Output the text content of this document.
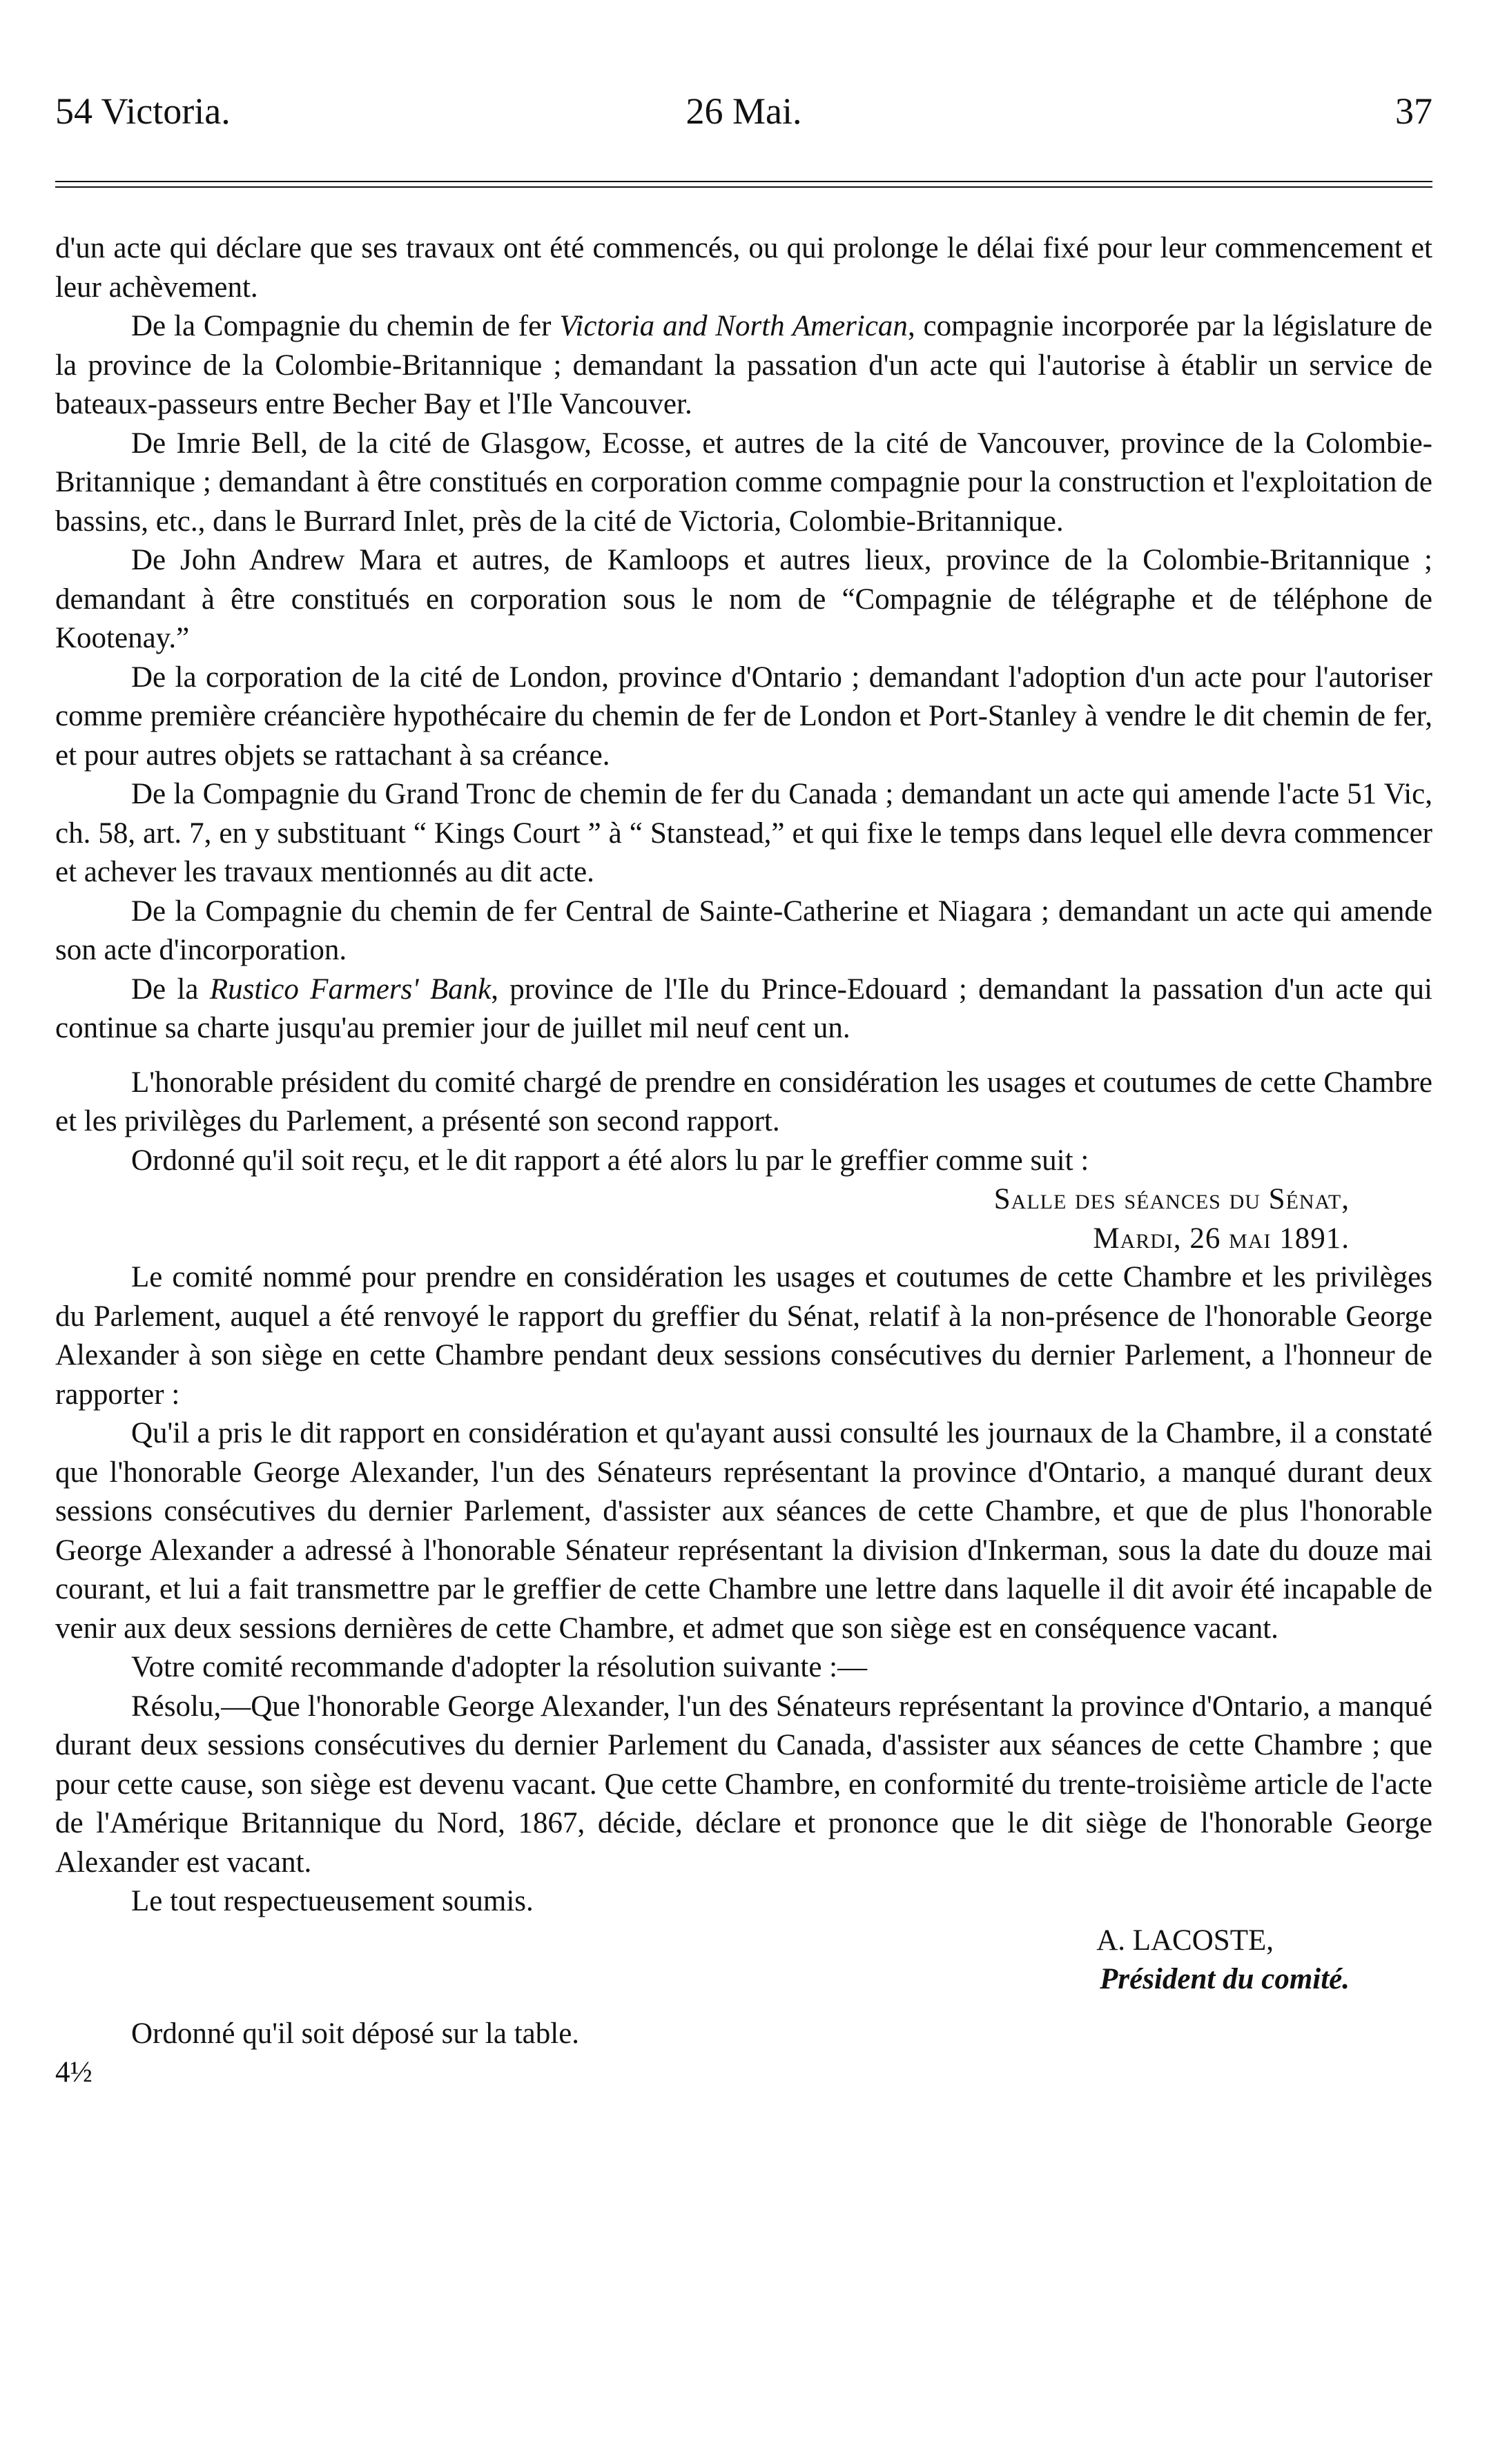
54 Victoria.	26 Mai.	37

d'un acte qui déclare que ses travaux ont été commencés, ou qui prolonge le délai fixé pour leur commencement et leur achèvement.

De la Compagnie du chemin de fer Victoria and North American, compagnie incorporée par la législature de la province de la Colombie-Britannique ; demandant la passation d'un acte qui l'autorise à établir un service de bateaux-passeurs entre Becher Bay et l'Ile Vancouver.

De Imrie Bell, de la cité de Glasgow, Ecosse, et autres de la cité de Vancouver, province de la Colombie-Britannique ; demandant à être constitués en corporation comme compagnie pour la construction et l'exploitation de bassins, etc., dans le Burrard Inlet, près de la cité de Victoria, Colombie-Britannique.

De John Andrew Mara et autres, de Kamloops et autres lieux, province de la Colombie-Britannique ; demandant à être constitués en corporation sous le nom de “Compagnie de télégraphe et de téléphone de Kootenay.”

De la corporation de la cité de London, province d'Ontario ; demandant l'adoption d'un acte pour l'autoriser comme première créancière hypothécaire du chemin de fer de London et Port-Stanley à vendre le dit chemin de fer, et pour autres objets se rattachant à sa créance.

De la Compagnie du Grand Tronc de chemin de fer du Canada ; demandant un acte qui amende l'acte 51 Vic, ch. 58, art. 7, en y substituant “ Kings Court ” à “ Stanstead,” et qui fixe le temps dans lequel elle devra commencer et achever les travaux mentionnés au dit acte.

De la Compagnie du chemin de fer Central de Sainte-Catherine et Niagara ; demandant un acte qui amende son acte d'incorporation.

De la Rustico Farmers' Bank, province de l'Ile du Prince-Edouard ; demandant la passation d'un acte qui continue sa charte jusqu'au premier jour de juillet mil neuf cent un.

L'honorable président du comité chargé de prendre en considération les usages et coutumes de cette Chambre et les privilèges du Parlement, a présenté son second rapport.

Ordonné qu'il soit reçu, et le dit rapport a été alors lu par le greffier comme suit :

Salle des séances du Sénat,

Mardi, 26 mai 1891.

Le comité nommé pour prendre en considération les usages et coutumes de cette Chambre et les privilèges du Parlement, auquel a été renvoyé le rapport du greffier du Sénat, relatif à la non-présence de l'honorable George Alexander à son siège en cette Chambre pendant deux sessions consécutives du dernier Parlement, a l'honneur de rapporter :

Qu'il a pris le dit rapport en considération et qu'ayant aussi consulté les journaux de la Chambre, il a constaté que l'honorable George Alexander, l'un des Sénateurs représentant la province d'Ontario, a manqué durant deux sessions consécutives du dernier Parlement, d'assister aux séances de cette Chambre, et que de plus l'honorable George Alexander a adressé à l'honorable Sénateur représentant la division d'Inkerman, sous la date du douze mai courant, et lui a fait transmettre par le greffier de cette Chambre une lettre dans laquelle il dit avoir été incapable de venir aux deux sessions dernières de cette Chambre, et admet que son siège est en conséquence vacant.

Votre comité recommande d'adopter la résolution suivante :—

Résolu,—Que l'honorable George Alexander, l'un des Sénateurs représentant la province d'Ontario, a manqué durant deux sessions consécutives du dernier Parlement du Canada, d'assister aux séances de cette Chambre ; que pour cette cause, son siège est devenu vacant. Que cette Chambre, en conformité du trente-troisième article de l'acte de l'Amérique Britannique du Nord, 1867, décide, déclare et prononce que le dit siège de l'honorable George Alexander est vacant.

Le tout respectueusement soumis.

A. LACOSTE,

Président du comité.

Ordonné qu'il soit déposé sur la table.

4½
